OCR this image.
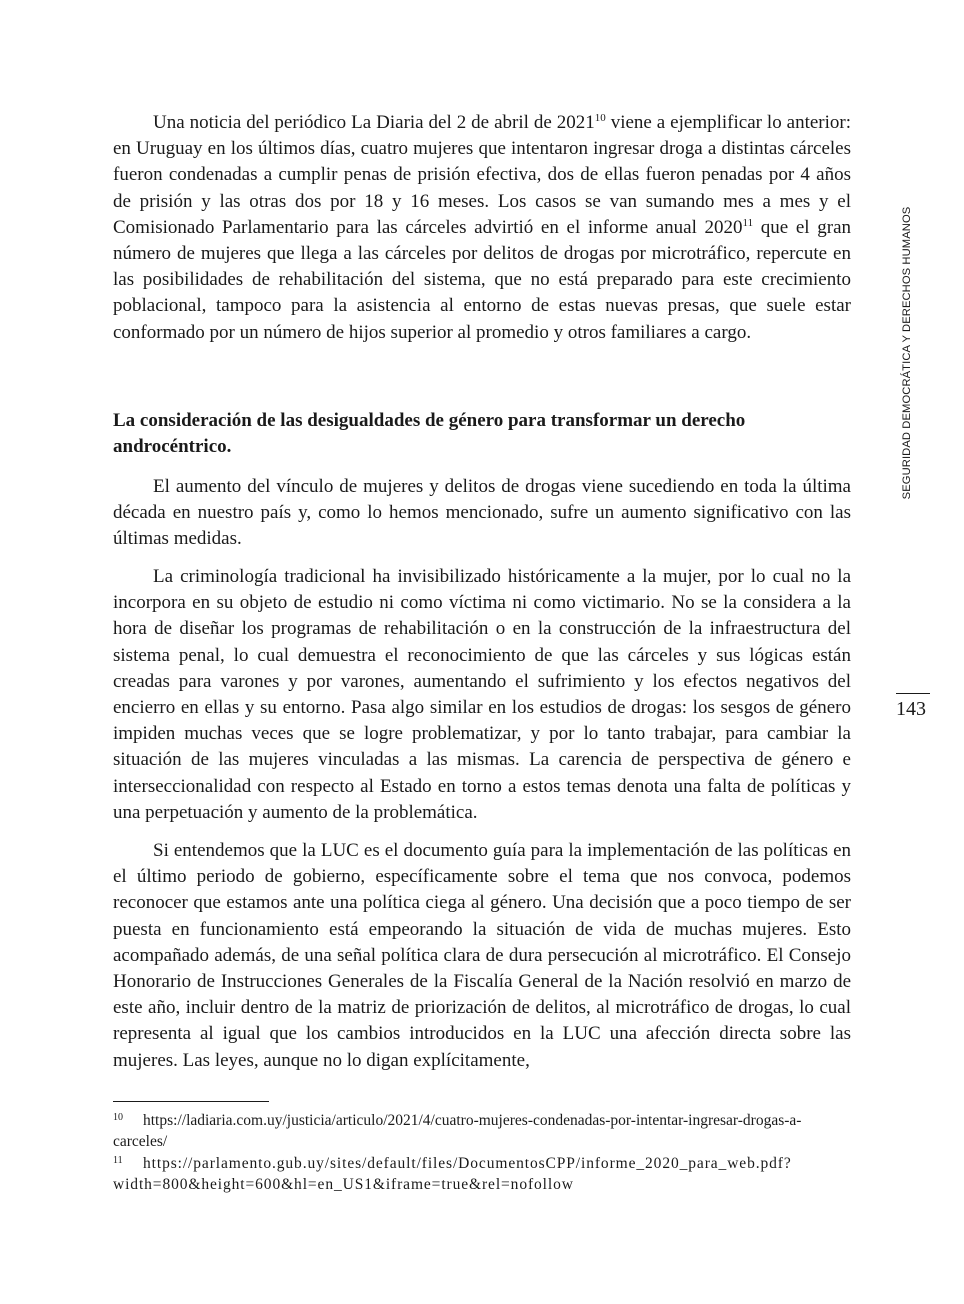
Una noticia del periódico La Diaria del 2 de abril de 2021$^{10}$ viene a ejemplificar lo anterior: en Uruguay en los últimos días, cuatro mujeres que intentaron ingresar droga a distintas cárceles fueron condenadas a cumplir penas de prisión efectiva, dos de ellas fueron penadas por 4 años de prisión y las otras dos por 18 y 16 meses. Los casos se van sumando mes a mes y el Comisionado Parlamentario para las cárceles advirtió en el informe anual 2020$^{11}$ que el gran número de mujeres que llega a las cárceles por delitos de drogas por microtráfico, repercute en las posibilidades de rehabilitación del sistema, que no está preparado para este crecimiento poblacional, tampoco para la asistencia al entorno de estas nuevas presas, que suele estar conformado por un número de hijos superior al promedio y otros familiares a cargo.

La consideración de las desigualdades de género para transformar un derecho androcéntrico.

El aumento del vínculo de mujeres y delitos de drogas viene sucediendo en toda la última década en nuestro país y, como lo hemos mencionado, sufre un aumento significativo con las últimas medidas.

La criminología tradicional ha invisibilizado históricamente a la mujer, por lo cual no la incorpora en su objeto de estudio ni como víctima ni como victimario. No se la considera a la hora de diseñar los programas de rehabilitación o en la construcción de la infraestructura del sistema penal, lo cual demuestra el reconocimiento de que las cárceles y sus lógicas están creadas para varones y por varones, aumentando el sufrimiento y los efectos negativos del encierro en ellas y su entorno. Pasa algo similar en los estudios de drogas: los sesgos de género impiden muchas veces que se logre problematizar, y por lo tanto trabajar, para cambiar la situación de las mujeres vinculadas a las mismas. La carencia de perspectiva de género e interseccionalidad con respecto al Estado en torno a estos temas denota una falta de políticas y una perpetuación y aumento de la problemática.

Si entendemos que la LUC es el documento guía para la implementación de las políticas en el último periodo de gobierno, específicamente sobre el tema que nos convoca, podemos reconocer que estamos ante una política ciega al género. Una decisión que a poco tiempo de ser puesta en funcionamiento está empeorando la situación de vida de muchas mujeres. Esto acompañado además, de una señal política clara de dura persecución al microtráfico. El Consejo Honorario de Instrucciones Generales de la Fiscalía General de la Nación resolvió en marzo de este año, incluir dentro de la matriz de priorización de delitos, al microtráfico de drogas, lo cual representa al igual que los cambios introducidos en la LUC una afección directa sobre las mujeres. Las leyes, aunque no lo digan explícitamente,

10 https://ladiaria.com.uy/justicia/articulo/2021/4/cuatro-mujeres-condenadas-por-intentar-ingresar-drogas-a-carceles/
11 https://parlamento.gub.uy/sites/default/files/DocumentosCPP/informe_2020_para_web.pdf?width=800&height=600&hl=en_US1&iframe=true&rel=nofollow
SEGURIDAD DEMOCRÁTICA Y DERECHOS HUMANOS
143
